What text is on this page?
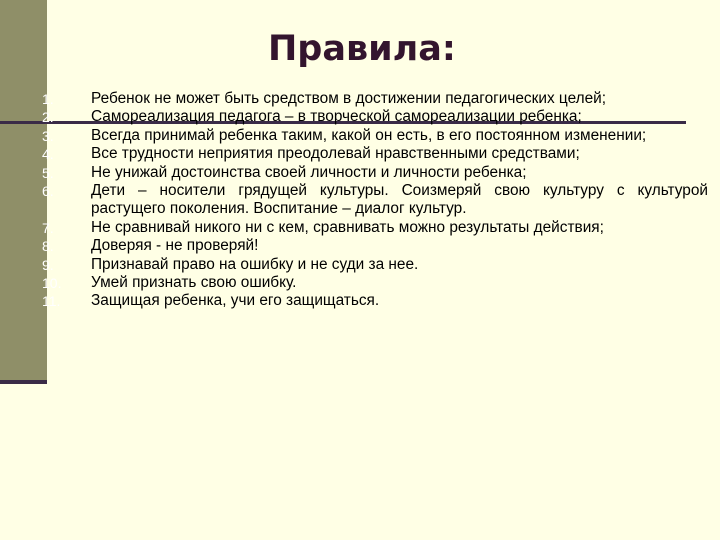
Правила:
1. Ребенок не может быть средством в достижении педагогических целей;

2. Самореализация педагога – в творческой самореализации ребенка;

3. Всегда принимай ребенка таким, какой он есть, в его постоянном изменении;

4. Все трудности неприятия преодолевай нравственными средствами;

5. Не унижай достоинства своей личности и личности ребенка;

6. Дети – носители грядущей культуры. Соизмеряй свою культуру с культурой растущего поколения. Воспитание – диалог культур.

7. Не сравнивай никого ни с кем, сравнивать можно результаты действия;

8. Доверяя - не проверяй!

9. Признавай право на ошибку и не суди за нее.

10. Умей признать свою ошибку.

11. Защищая ребенка, учи его защищаться.
